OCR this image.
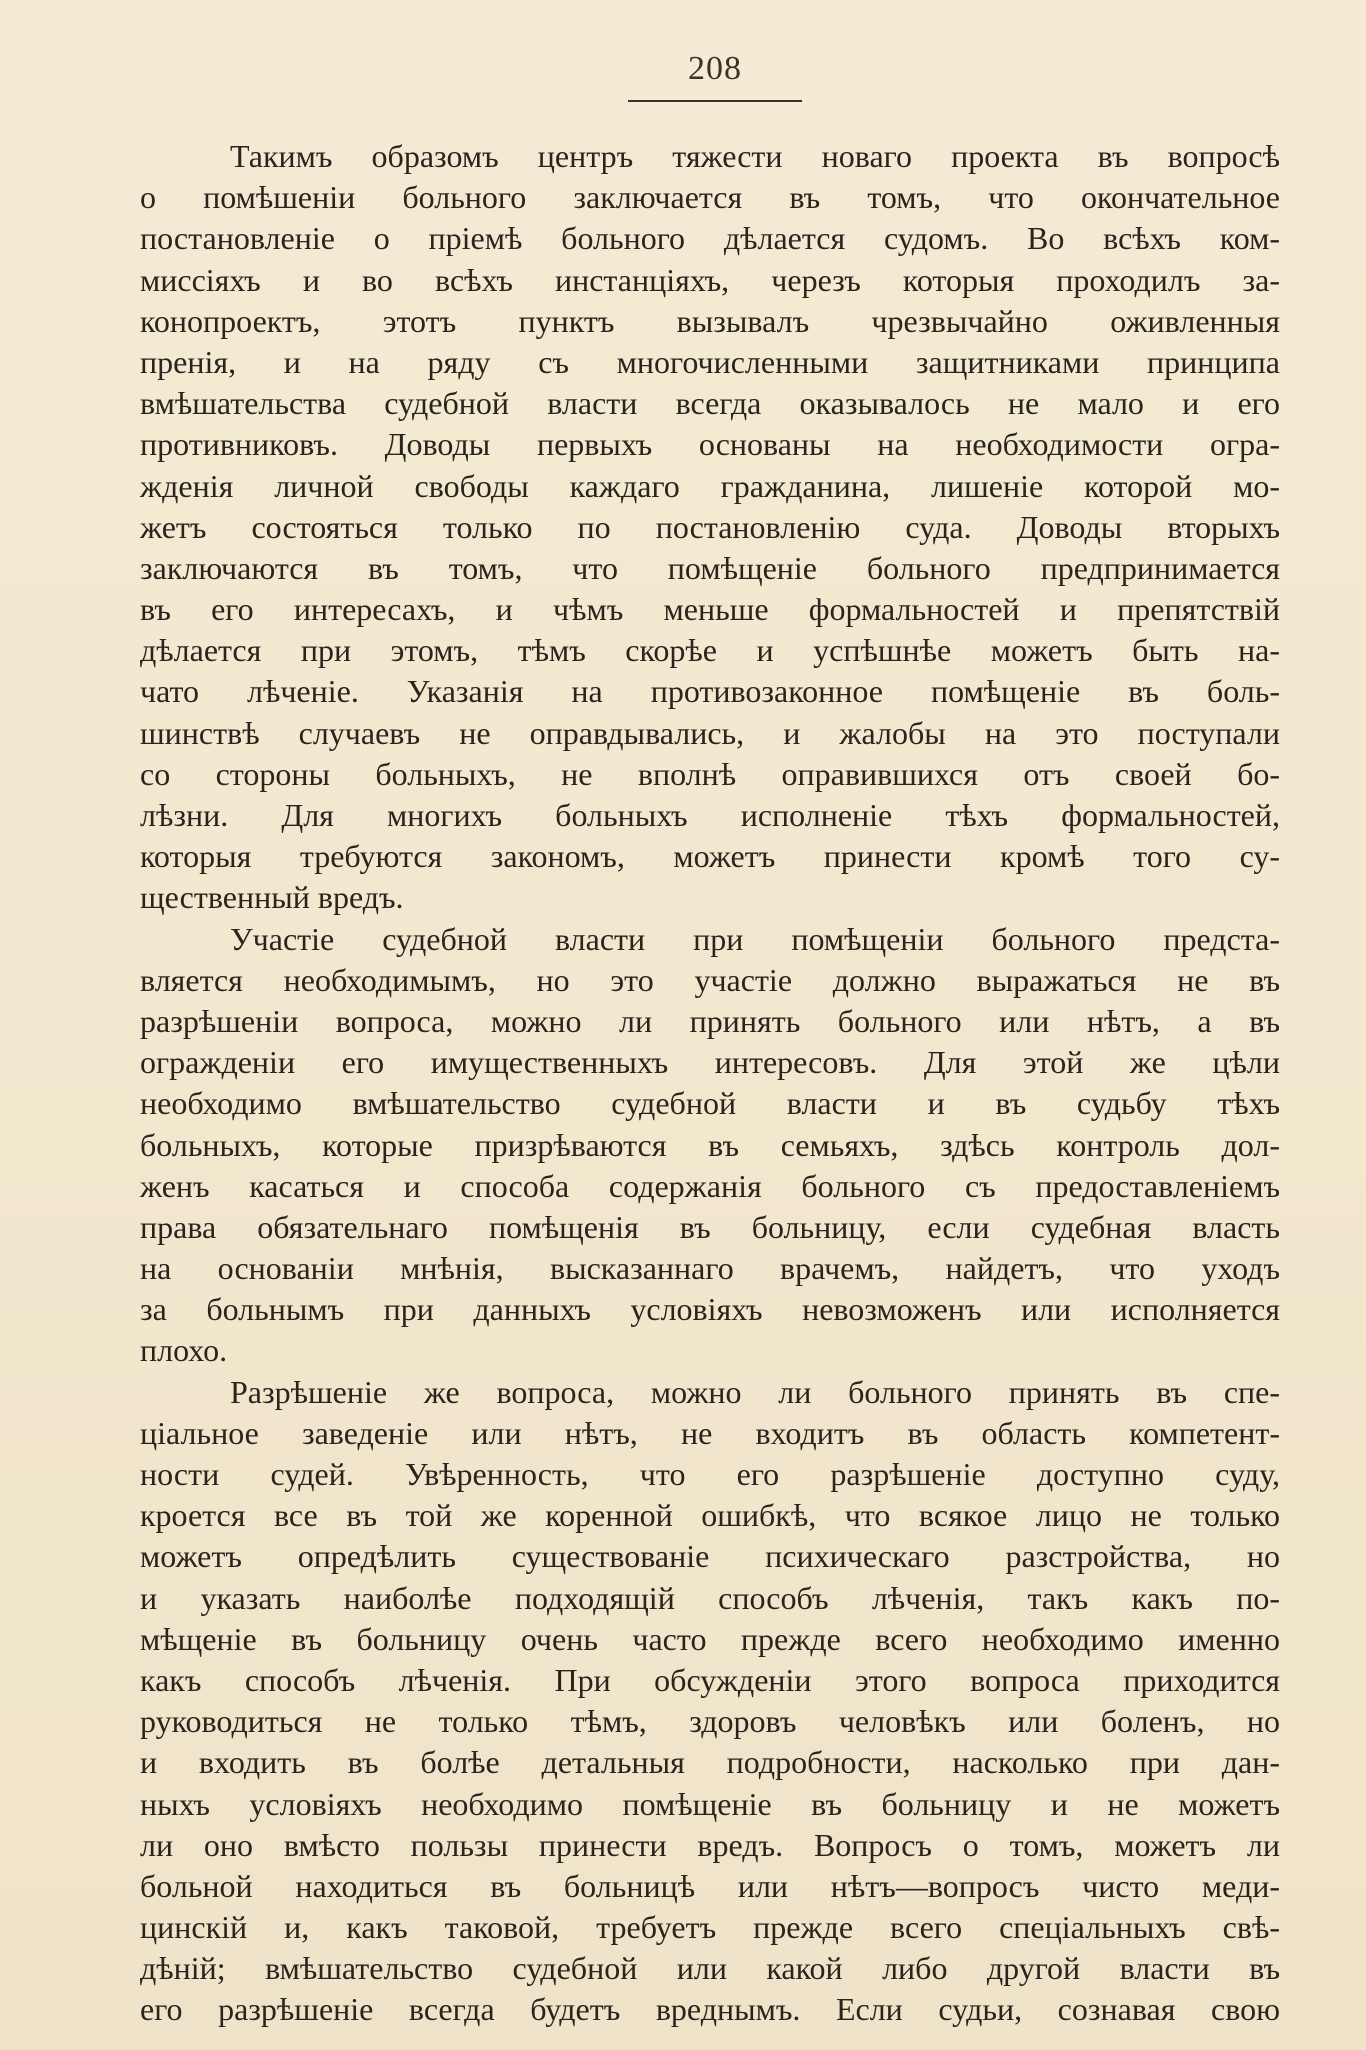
208
Такимъ образомъ центръ тяжести новаго проекта въ вопросѣ
о помѣшеніи больного заключается въ томъ, что окончательное
постановленіе о пріемѣ больного дѣлается судомъ. Во всѣхъ ком-
миссіяхъ и во всѣхъ инстанціяхъ, черезъ которыя проходилъ за-
конопроектъ, этотъ пунктъ вызывалъ чрезвычайно оживленныя
пренія, и на ряду съ многочисленными защитниками принципа
вмѣшательства судебной власти всегда оказывалось не мало и его
противниковъ. Доводы первыхъ основаны на необходимости огра-
жденія личной свободы каждаго гражданина, лишеніе которой мо-
жетъ состояться только по постановленію суда. Доводы вторыхъ
заключаются въ томъ, что помѣщеніе больного предпринимается
въ его интересахъ, и чѣмъ меньше формальностей и препятствій
дѣлается при этомъ, тѣмъ скорѣе и успѣшнѣе можетъ быть на-
чато лѣченіе. Указанія на противозаконное помѣщеніе въ боль-
шинствѣ случаевъ не оправдывались, и жалобы на это поступали
со стороны больныхъ, не вполнѣ оправившихся отъ своей бо-
лѣзни. Для многихъ больныхъ исполненіе тѣхъ формальностей,
которыя требуются закономъ, можетъ принести кромѣ того су-
щественный вредъ.
Участіе судебной власти при помѣщеніи больного предста-
вляется необходимымъ, но это участіе должно выражаться не въ
разрѣшеніи вопроса, можно ли принять больного или нѣтъ, а въ
огражденіи его имущественныхъ интересовъ. Для этой же цѣли
необходимо вмѣшательство судебной власти и въ судьбу тѣхъ
больныхъ, которые призрѣваются въ семьяхъ, здѣсь контроль дол-
женъ касаться и способа содержанія больного съ предоставленіемъ
права обязательнаго помѣщенія въ больницу, если судебная власть
на основаніи мнѣнія, высказаннаго врачемъ, найдетъ, что уходъ
за больнымъ при данныхъ условіяхъ невозможенъ или исполняется
плохо.
Разрѣшеніе же вопроса, можно ли больного принять въ спе-
ціальное заведеніе или нѣтъ, не входитъ въ область компетент-
ности судей. Увѣренность, что его разрѣшеніе доступно суду,
кроется все въ той же коренной ошибкѣ, что всякое лицо не только
можетъ опредѣлить существованіе психическаго разстройства, но
и указать наиболѣе подходящій способъ лѣченія, такъ какъ по-
мѣщеніе въ больницу очень часто прежде всего необходимо именно
какъ способъ лѣченія. При обсужденіи этого вопроса приходится
руководиться не только тѣмъ, здоровъ человѣкъ или боленъ, но
и входить въ болѣе детальныя подробности, насколько при дан-
ныхъ условіяхъ необходимо помѣщеніе въ больницу и не можетъ
ли оно вмѣсто пользы принести вредъ. Вопросъ о томъ, можетъ ли
больной находиться въ больницѣ или нѣтъ—вопросъ чисто меди-
цинскій и, какъ таковой, требуетъ прежде всего спеціальныхъ свѣ-
дѣній; вмѣшательство судебной или какой либо другой власти въ
его разрѣшеніе всегда будетъ вреднымъ. Если судьи, сознавая свою
